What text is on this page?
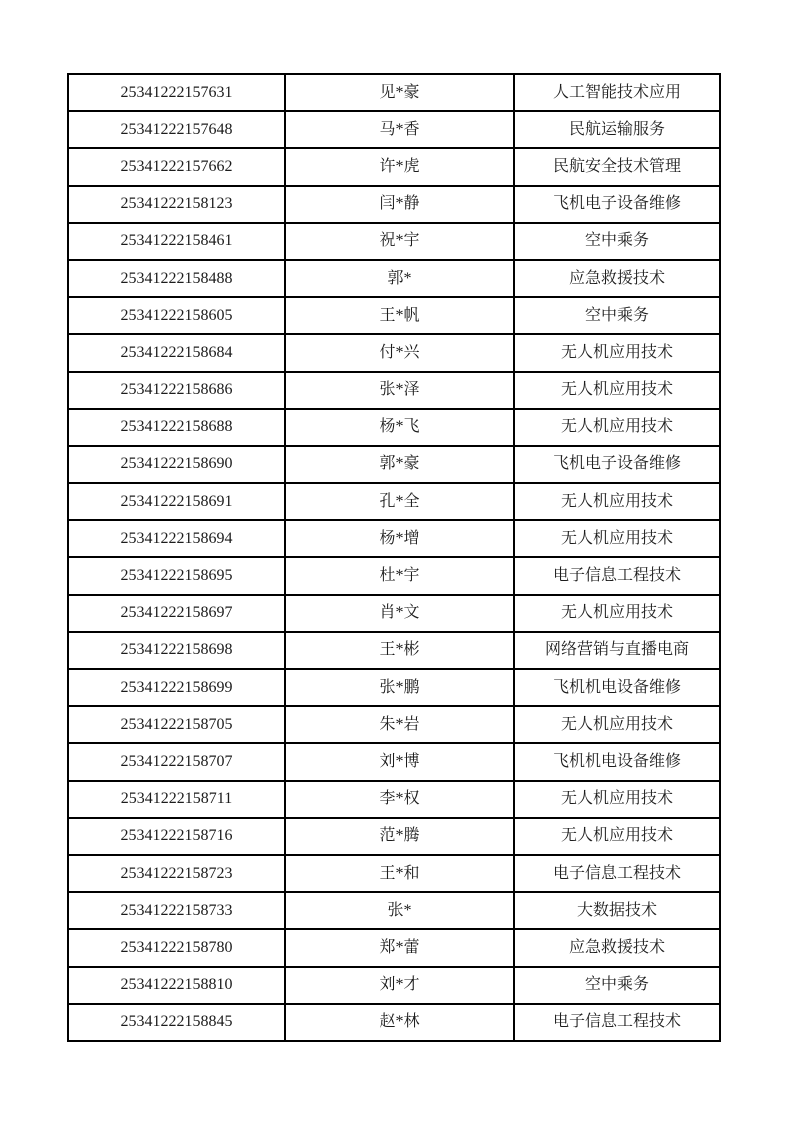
25341222157631	见*豪	人工智能技术应用
25341222157648	马*香	民航运输服务
25341222157662	许*虎	民航安全技术管理
25341222158123	闫*静	飞机电子设备维修
25341222158461	祝*宇	空中乘务
25341222158488	郭*	应急救援技术
25341222158605	王*帆	空中乘务
25341222158684	付*兴	无人机应用技术
25341222158686	张*泽	无人机应用技术
25341222158688	杨*飞	无人机应用技术
25341222158690	郭*豪	飞机电子设备维修
25341222158691	孔*全	无人机应用技术
25341222158694	杨*增	无人机应用技术
25341222158695	杜*宇	电子信息工程技术
25341222158697	肖*文	无人机应用技术
25341222158698	王*彬	网络营销与直播电商
25341222158699	张*鹏	飞机机电设备维修
25341222158705	朱*岩	无人机应用技术
25341222158707	刘*博	飞机机电设备维修
25341222158711	李*权	无人机应用技术
25341222158716	范*腾	无人机应用技术
25341222158723	王*和	电子信息工程技术
25341222158733	张*	大数据技术
25341222158780	郑*蕾	应急救援技术
25341222158810	刘*才	空中乘务
25341222158845	赵*林	电子信息工程技术
